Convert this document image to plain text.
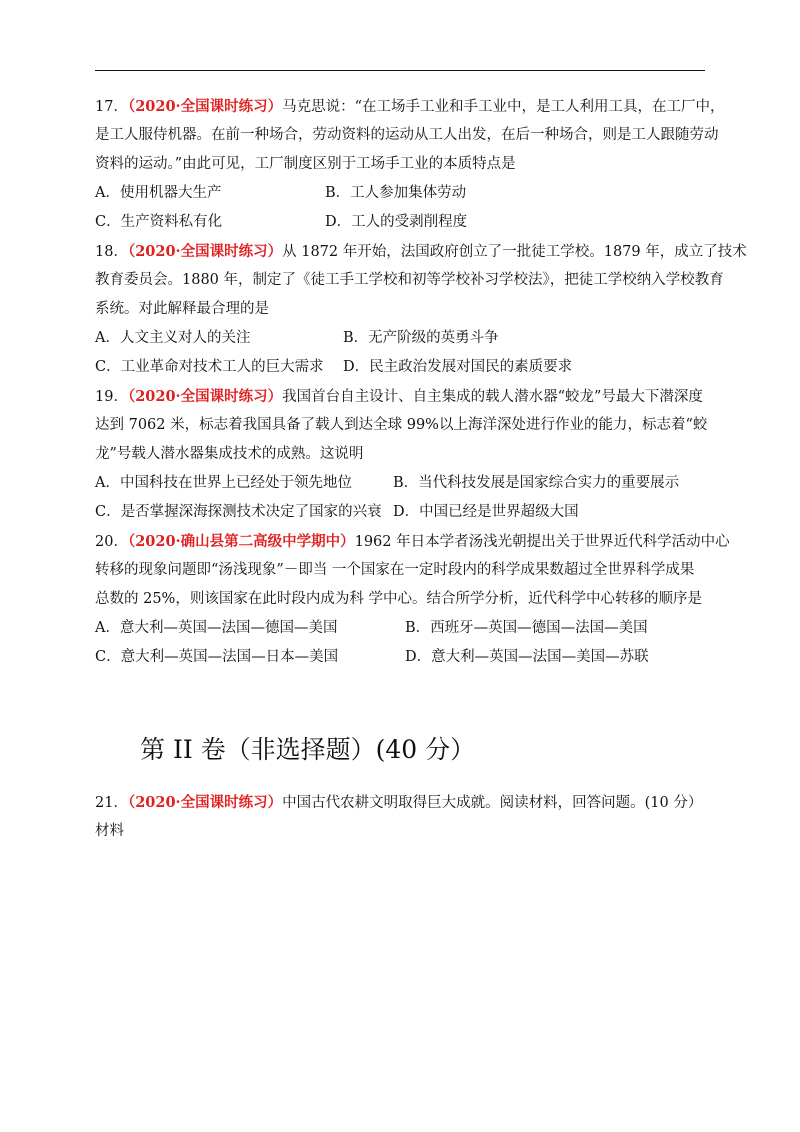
17．（2020·全国课时练习）马克思说：“在工场手工业和手工业中，是工人利用工具，在工厂中，
是工人服侍机器。在前一种场合，劳动资料的运动从工人出发，在后一种场合，则是工人跟随劳动
资料的运动。”由此可见，工厂制度区别于工场手工业的本质特点是
A．使用机器大生产	B．工人参加集体劳动
C．生产资料私有化	D．工人的受剥削程度
18．（2020·全国课时练习）从 1872 年开始，法国政府创立了一批徒工学校。1879 年，成立了技术
教育委员会。1880 年，制定了《徒工手工学校和初等学校补习学校法》，把徒工学校纳入学校教育
系统。对此解释最合理的是
A．人文主义对人的关注	B．无产阶级的英勇斗争
C．工业革命对技术工人的巨大需求 D．民主政治发展对国民的素质要求
19．（2020·全国课时练习）我国首台自主设计、自主集成的载人潜水器“蛟龙”号最大下潜深度
达到 7062 米，标志着我国具备了载人到达全球 99%以上海洋深处进行作业的能力，标志着“蛟
龙”号载人潜水器集成技术的成熟。这说明
A．中国科技在世界上已经处于领先地位	B．当代科技发展是国家综合实力的重要展示
C．是否掌握深海探测技术决定了国家的兴衰 D．中国已经是世界超级大国
20．（2020·确山县第二高级中学期中）1962 年日本学者汤浅光朝提出关于世界近代科学活动中心
转移的现象问题即“汤浅现象”－即当 一个国家在一定时段内的科学成果数超过全世界科学成果
总数的 25%，则该国家在此时段内成为科 学中心。结合所学分析，近代科学中心转移的顺序是
A．意大利—英国—法国—德国—美国	B．西班牙—英国—德国—法国—美国
C．意大利—英国—法国—日本—美国	D．意大利—英国—法国—美国—苏联
第 II 卷（非选择题）(40 分）
21．（2020·全国课时练习）中国古代农耕文明取得巨大成就。阅读材料，回答问题。(10 分）
材料
